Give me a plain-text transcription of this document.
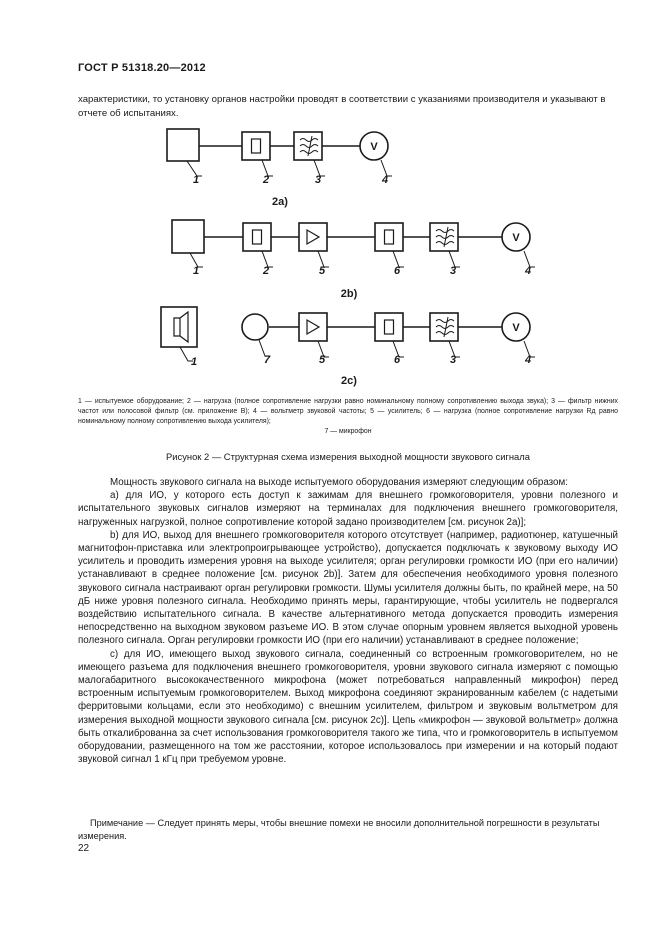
ГОСТ Р 51318.20—2012
характеристики, то установку органов настройки проводят в соответствии с указаниями производителя и указывают в отчете об испытаниях.
1	2	3	4
1	2	5	6	3	4
1	7	5	6	3	4
V
V
V
2a)
2b)
2c)
1 — испытуемое оборудование; 2 — нагрузка (полное сопротивление нагрузки равно номинальному полному сопротивлению выхода звука); 3 — фильтр нижних частот или полосовой фильтр (см. приложение В); 4 — вольтметр звуковой частоты; 5 — усилитель; 6 — нагрузка (полное сопротивление нагрузки Rд равно номинальному полному сопротивлению выхода усилителя);
7 — микрофон
Рисунок 2 — Структурная схема измерения выходной мощности звукового сигнала

Мощность звукового сигнала на выходе испытуемого оборудования измеряют следующим образом:

а) для ИО, у которого есть доступ к зажимам для внешнего громкоговорителя, уровни полезного и испытательного звуковых сигналов измеряют на терминалах для подключения внешнего громкоговорителя, нагруженных нагрузкой, полное сопротивление которой задано производителем [см. рисунок 2a)];

b) для ИО, выход для внешнего громкоговорителя которого отсутствует (например, радиотюнер, катушечный магнитофон-приставка или электропроигрывающее устройство), допускается подключать к звуковому выходу ИО усилитель и проводить измерения уровня на выходе усилителя; орган регулировки громкости ИО (при его наличии) устанавливают в среднее положение [см. рисунок 2b)]. Затем для обеспечения необходимого уровня полезного звукового сигнала настраивают орган регулировки громкости. Шумы усилителя должны быть, по крайней мере, на 50 дБ ниже уровня полезного сигнала. Необходимо принять меры, гарантирующие, чтобы усилитель не подвергался воздействию испытательного сигнала. В качестве альтернативного метода допускается проводить измерения непосредственно на выходном звуковом разъеме ИО. В этом случае опорным уровнем является выходной уровень полезного сигнала. Орган регулировки громкости ИО (при его наличии) устанавливают в среднее положение;

с) для ИО, имеющего выход звукового сигнала, соединенный со встроенным громкоговорителем, но не имеющего разъема для подключения внешнего громкоговорителя, уровни звукового сигнала измеряют с помощью малогабаритного высококачественного микрофона (может потребоваться направленный микрофон) перед встроенным испытуемым громкоговорителем. Выход микрофона соединяют экранированным кабелем (с надетыми ферритовыми кольцами, если это необходимо) с внешним усилителем, фильтром и звуковым вольтметром для измерения выходной мощности звукового сигнала [см. рисунок 2с)]. Цепь «микрофон — звуковой вольтметр» должна быть откалиброванна за счет использования громкоговорителя такого же типа, что и громкоговоритель в испытуемом оборудовании, размещенного на том же расстоянии, которое использовалось при измерении и на который подают звуковой сигнал 1 кГц при требуемом уровне.

Примечание — Следует принять меры, чтобы внешние помехи не вносили дополнительной погрешности в результаты измерения.
22
